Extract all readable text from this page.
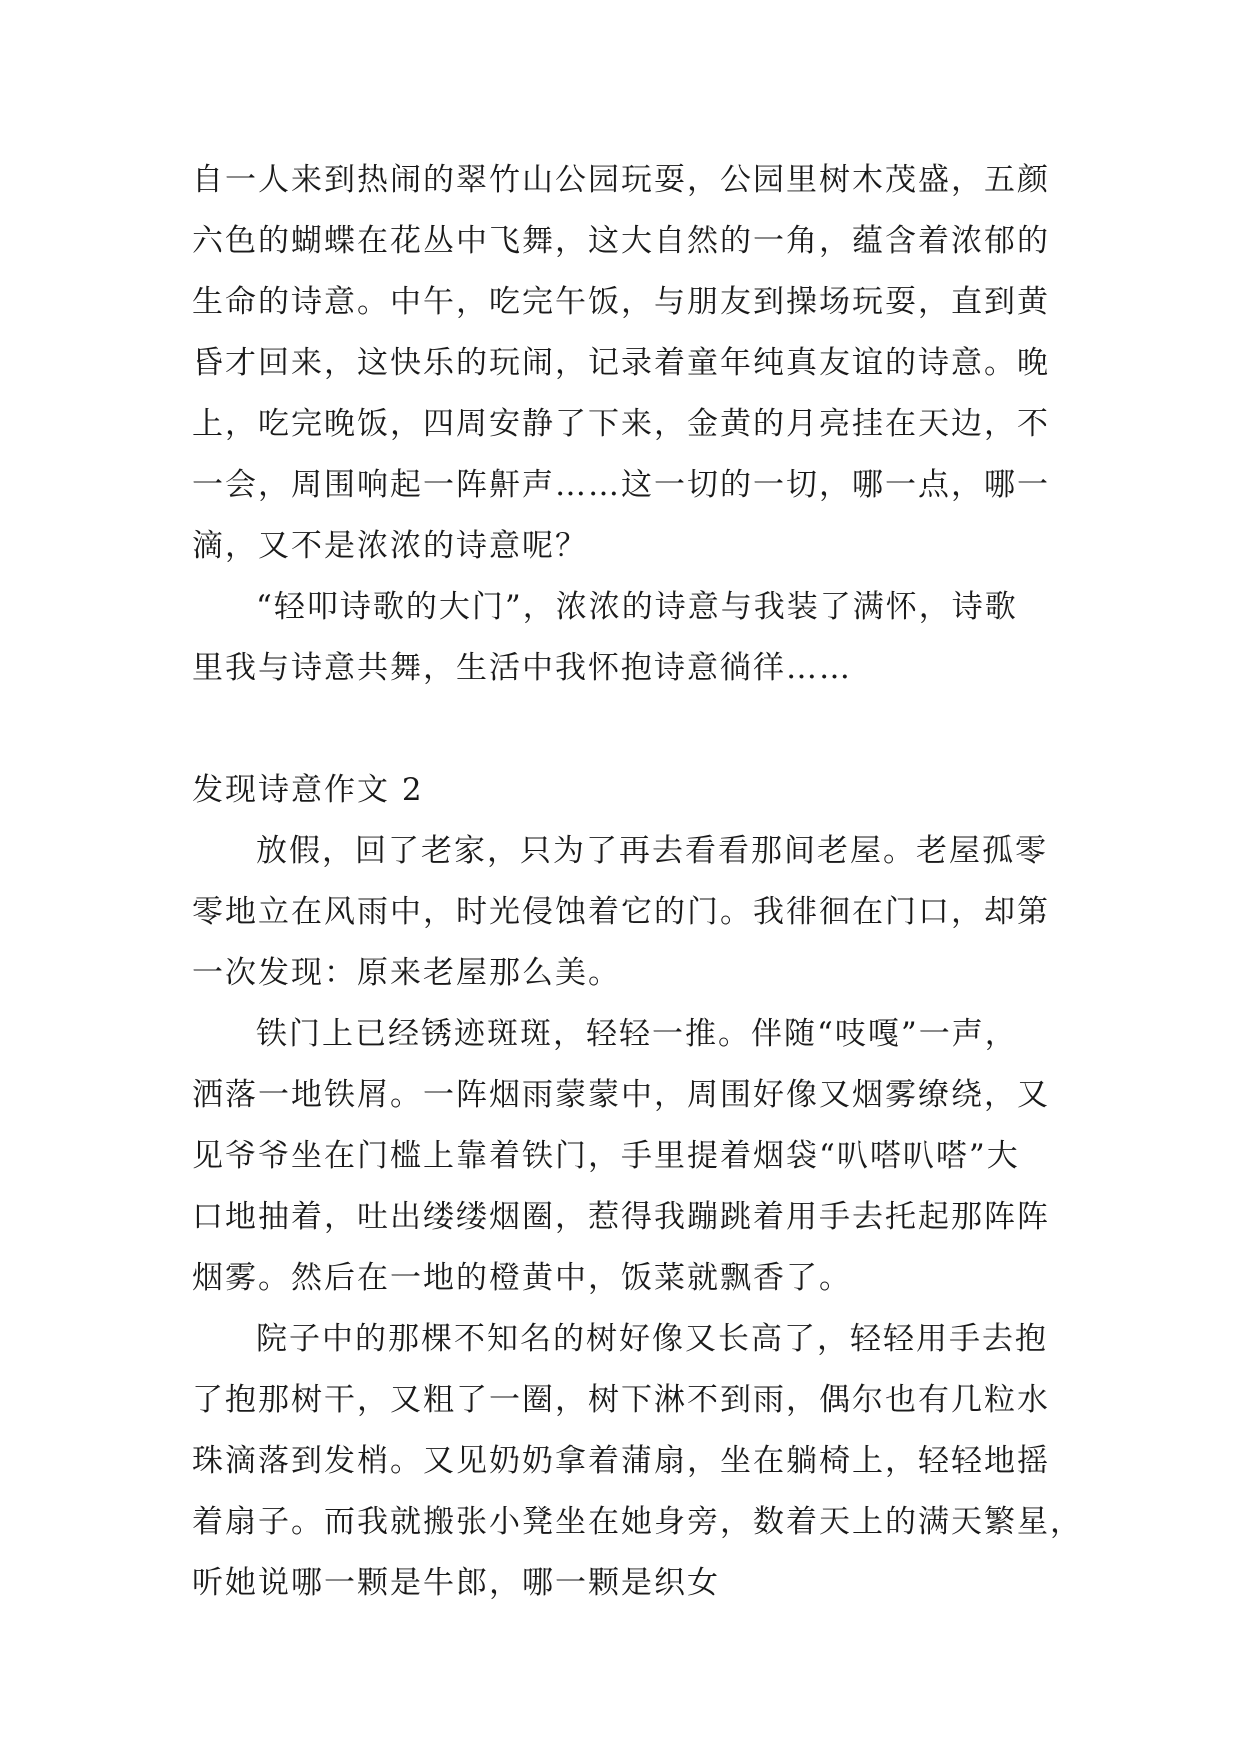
自一人来到热闹的翠竹山公园玩耍，公园里树木茂盛，五颜
六色的蝴蝶在花丛中飞舞，这大自然的一角，蕴含着浓郁的
生命的诗意。中午，吃完午饭，与朋友到操场玩耍，直到黄
昏才回来，这快乐的玩闹，记录着童年纯真友谊的诗意。晚
上，吃完晚饭，四周安静了下来，金黄的月亮挂在天边，不
一会，周围响起一阵鼾声……这一切的一切，哪一点，哪一
滴，又不是浓浓的诗意呢？
“轻叩诗歌的大门”，浓浓的诗意与我装了满怀，诗歌
里我与诗意共舞，生活中我怀抱诗意徜徉……
发现诗意作文 2
放假，回了老家，只为了再去看看那间老屋。老屋孤零
零地立在风雨中，时光侵蚀着它的门。我徘徊在门口，却第
一次发现：原来老屋那么美。
铁门上已经锈迹斑斑，轻轻一推。伴随“吱嘎”一声，
洒落一地铁屑。一阵烟雨蒙蒙中，周围好像又烟雾缭绕，又
见爷爷坐在门槛上靠着铁门，手里提着烟袋“叭嗒叭嗒”大
口地抽着，吐出缕缕烟圈，惹得我蹦跳着用手去托起那阵阵
烟雾。然后在一地的橙黄中，饭菜就飘香了。
院子中的那棵不知名的树好像又长高了，轻轻用手去抱
了抱那树干，又粗了一圈，树下淋不到雨，偶尔也有几粒水
珠滴落到发梢。又见奶奶拿着蒲扇，坐在躺椅上，轻轻地摇
着扇子。而我就搬张小凳坐在她身旁，数着天上的满天繁星，
听她说哪一颗是牛郎，哪一颗是织女
